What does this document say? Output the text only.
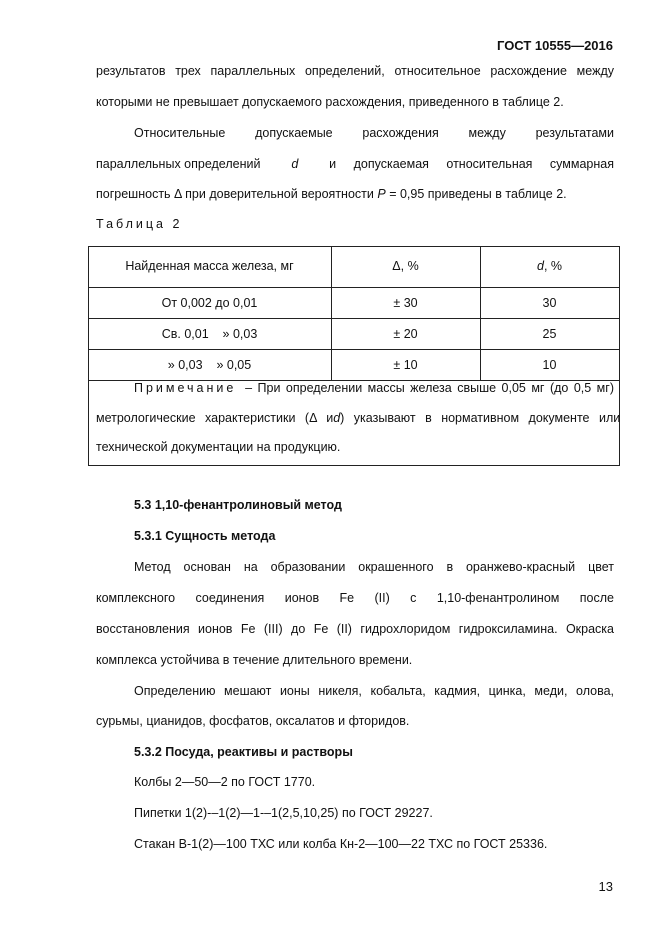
ГОСТ 10555—2016
результатов трех параллельных определений, относительное расхождение между
которыми не превышает допускаемого расхождения, приведенного в таблице 2.
Относительные допускаемые расхождения между результатами
параллельных определений d и допускаемая относительная суммарная
погрешность Δ при доверительной вероятности P = 0,95 приведены в таблице 2.
Таблица 2
Найденная масса железа, мг	Δ, %	d, %
От 0,002 до 0,01	± 30	30
Св. 0,01    » 0,03	± 20	25
» 0,03    » 0,05	± 10	10
Примечание – При определении массы железа свыше 0,05 мг (до 0,5 мг)
метрологические характеристики (Δ и d) указывают в нормативном документе или
технической документации на продукцию.
5.3 1,10-фенантролиновый метод
5.3.1 Сущность метода
Метод основан на образовании окрашенного в оранжево-красный цвет
комплексного соединения ионов Fe (II) с 1,10-фенантролином после
восстановления ионов Fe (III) до Fe (II) гидрохлоридом гидроксиламина. Окраска
комплекса устойчива в течение длительного времени.
Определению мешают ионы никеля, кобальта, кадмия, цинка, меди, олова,
сурьмы, цианидов, фосфатов, оксалатов и фторидов.
5.3.2 Посуда, реактивы и растворы
Колбы 2—50—2 по ГОСТ 1770.
Пипетки 1(2)-–1(2)—1-–1(2,5,10,25) по ГОСТ 29227.
Стакан В-1(2)—100 ТХС или колба Кн-2—100—22 ТХС по ГОСТ 25336.
13
